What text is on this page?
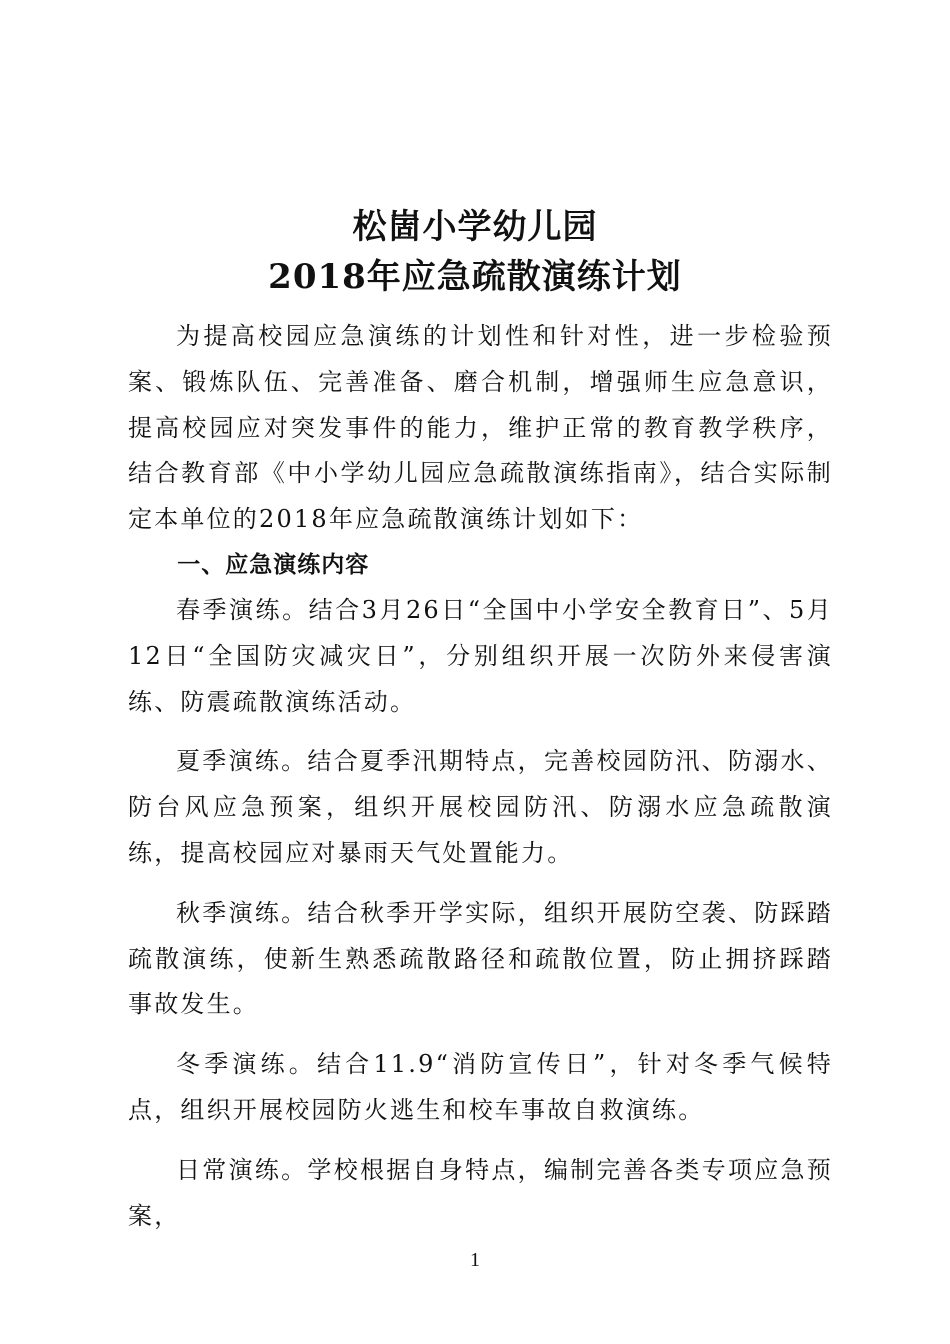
松崮小学幼儿园
2018年应急疏散演练计划

为提高校园应急演练的计划性和针对性，进一步检验预案、锻炼队伍、完善准备、磨合机制，增强师生应急意识，提高校园应对突发事件的能力，维护正常的教育教学秩序，结合教育部《中小学幼儿园应急疏散演练指南》，结合实际制定本单位的2018年应急疏散演练计划如下：

一、应急演练内容

春季演练。结合3月26日“全国中小学安全教育日”、5月12日“全国防灾减灾日”，分别组织开展一次防外来侵害演练、防震疏散演练活动。

夏季演练。结合夏季汛期特点，完善校园防汛、防溺水、防台风应急预案，组织开展校园防汛、防溺水应急疏散演练，提高校园应对暴雨天气处置能力。

秋季演练。结合秋季开学实际，组织开展防空袭、防踩踏疏散演练，使新生熟悉疏散路径和疏散位置，防止拥挤踩踏事故发生。

冬季演练。结合11.9“消防宣传日”，针对冬季气候特点，组织开展校园防火逃生和校车事故自救演练。

日常演练。学校根据自身特点，编制完善各类专项应急预案，

1
